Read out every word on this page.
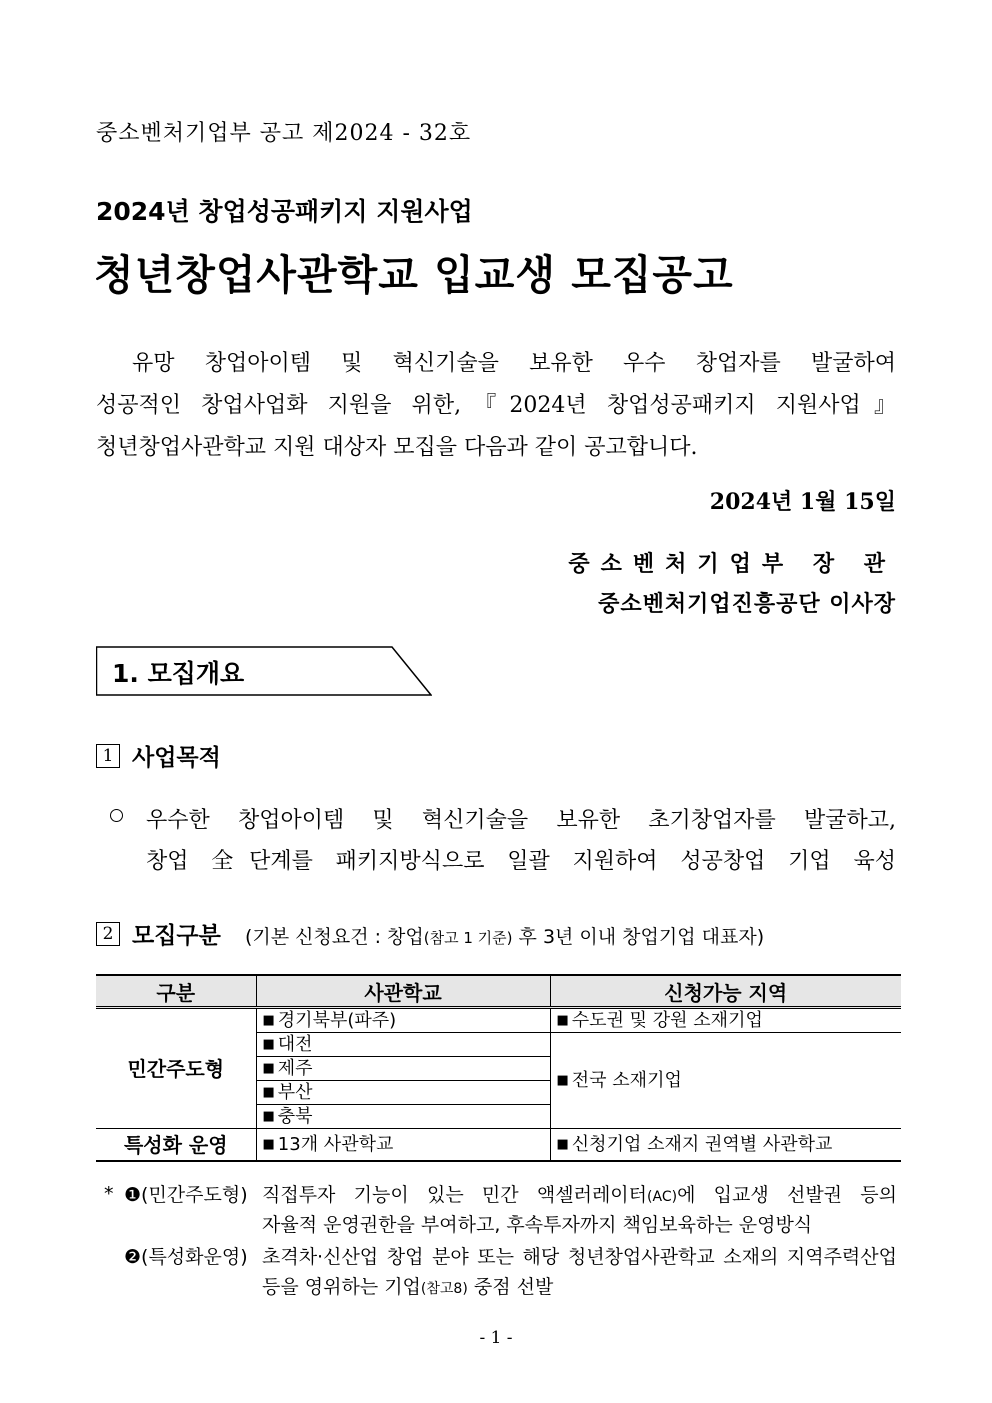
중소벤처기업부 공고 제2024 - 32호
2024년 창업성공패키지 지원사업
청년창업사관학교 입교생 모집공고
유망 창업아이템 및 혁신기술을 보유한 우수 창업자를 발굴하여
성공적인 창업사업화 지원을 위한,『2024년 창업성공패키지 지원사업』
청년창업사관학교 지원 대상자 모집을 다음과 같이 공고합니다.
2024년 1월 15일
중소벤처기업부 장 관
중소벤처기업진흥공단 이사장
1. 모집개요
1 사업목적
우수한 창업아이템 및 혁신기술을 보유한 초기창업자를 발굴하고,
창업 全단계를 패키지방식으로 일괄 지원하여 성공창업 기업 육성
2 모집구분 (기본 신청요건 : 창업(참고 1 기준) 후 3년 이내 창업기업 대표자)
구분	사관학교	신청가능 지역
민간주도형	■ 경기북부(파주)	■ 수도권 및 강원 소재기업
	■ 대전	■ 전국 소재기업
	■ 제주	
	■ 부산	
	■ 충북	
특성화 운영	■ 13개 사관학교	■ 신청기업 소재지 권역별 사관학교
* ❶(민간주도형) 직접투자 기능이 있는 민간 액셀러레이터(AC)에 입교생 선발권 등의
자율적 운영권한을 부여하고, 후속투자까지 책임보육하는 운영방식
❷(특성화운영) 초격차·신산업 창업 분야 또는 해당 청년창업사관학교 소재의 지역주력산업
등을 영위하는 기업(참고8) 중점 선발
- 1 -
